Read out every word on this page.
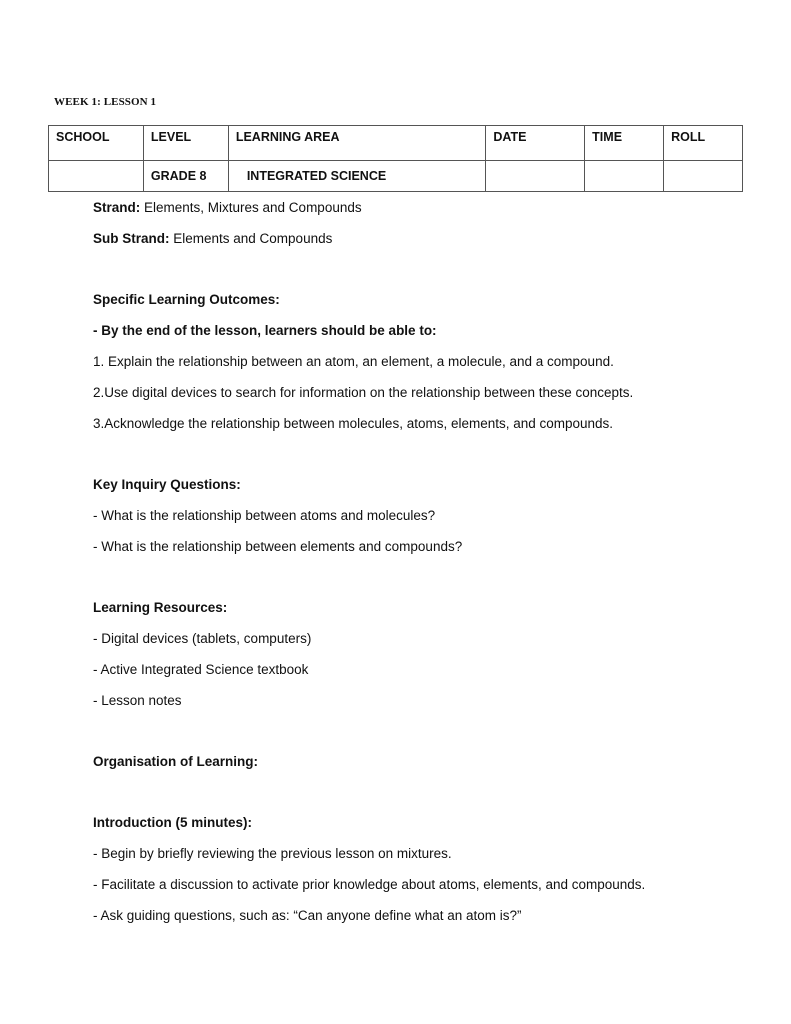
WEEK 1: LESSON 1
SCHOOL	LEVEL	LEARNING AREA	DATE	TIME	ROLL
	GRADE 8	INTEGRATED SCIENCE			

Strand: Elements, Mixtures and Compounds

Sub Strand: Elements and Compounds

Specific Learning Outcomes:

- By the end of the lesson, learners should be able to:

1. Explain the relationship between an atom, an element, a molecule, and a compound.

2.Use digital devices to search for information on the relationship between these concepts.

3.Acknowledge the relationship between molecules, atoms, elements, and compounds.

Key Inquiry Questions:

- What is the relationship between atoms and molecules?

- What is the relationship between elements and compounds?

Learning Resources:

- Digital devices (tablets, computers)

- Active Integrated Science textbook

- Lesson notes

Organisation of Learning:

Introduction (5 minutes):

- Begin by briefly reviewing the previous lesson on mixtures.

- Facilitate a discussion to activate prior knowledge about atoms, elements, and compounds.

- Ask guiding questions, such as: “Can anyone define what an atom is?”
